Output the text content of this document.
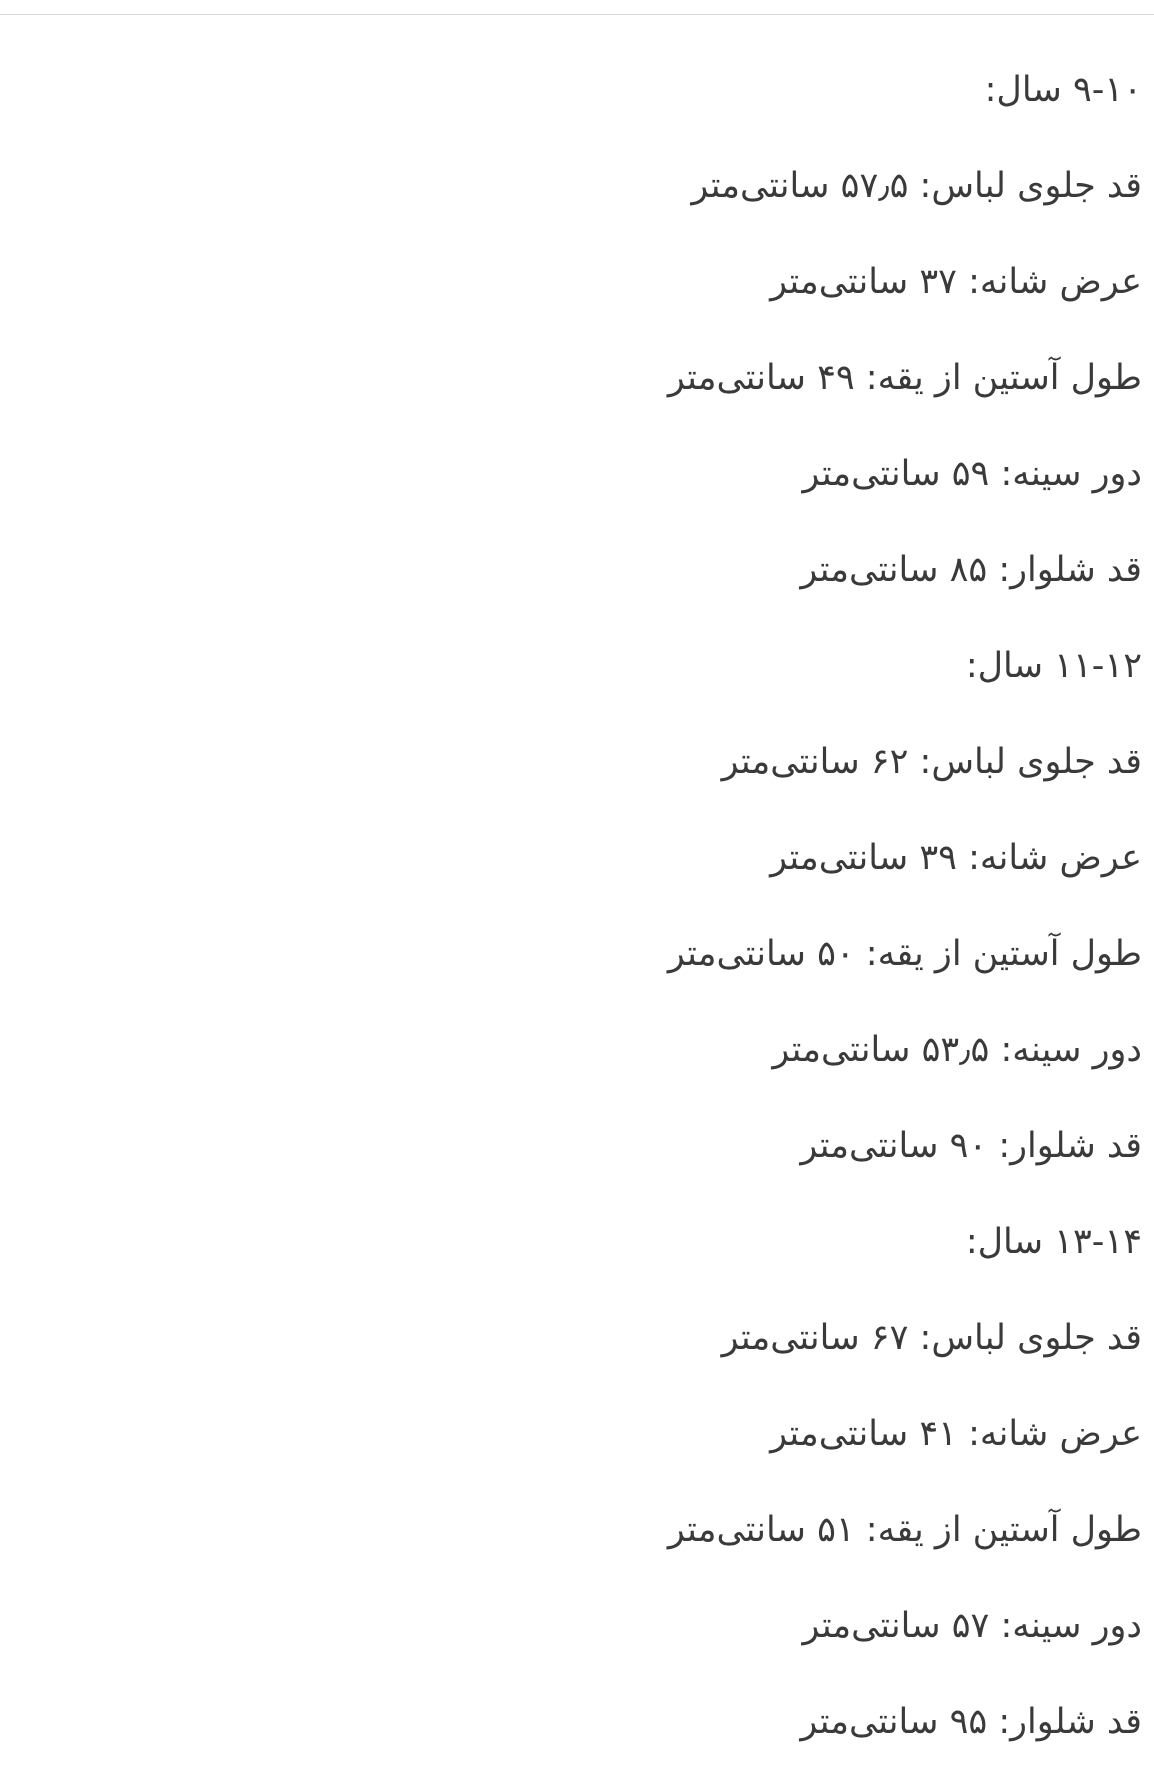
۹-۱۰ سال:

قد جلوی لباس: ۵۷٫۵ سانتی‌متر

عرض شانه: ۳۷ سانتی‌متر

طول آستین از یقه: ۴۹ سانتی‌متر

دور سینه: ۵۹ سانتی‌متر

قد شلوار: ۸۵ سانتی‌متر

۱۱-۱۲ سال:

قد جلوی لباس: ۶۲ سانتی‌متر

عرض شانه: ۳۹ سانتی‌متر

طول آستین از یقه: ۵۰ سانتی‌متر

دور سینه: ۵۳٫۵ سانتی‌متر

قد شلوار: ۹۰ سانتی‌متر

۱۳-۱۴ سال:

قد جلوی لباس: ۶۷ سانتی‌متر

عرض شانه: ۴۱ سانتی‌متر

طول آستین از یقه: ۵۱ سانتی‌متر

دور سینه: ۵۷ سانتی‌متر

قد شلوار: ۹۵ سانتی‌متر
